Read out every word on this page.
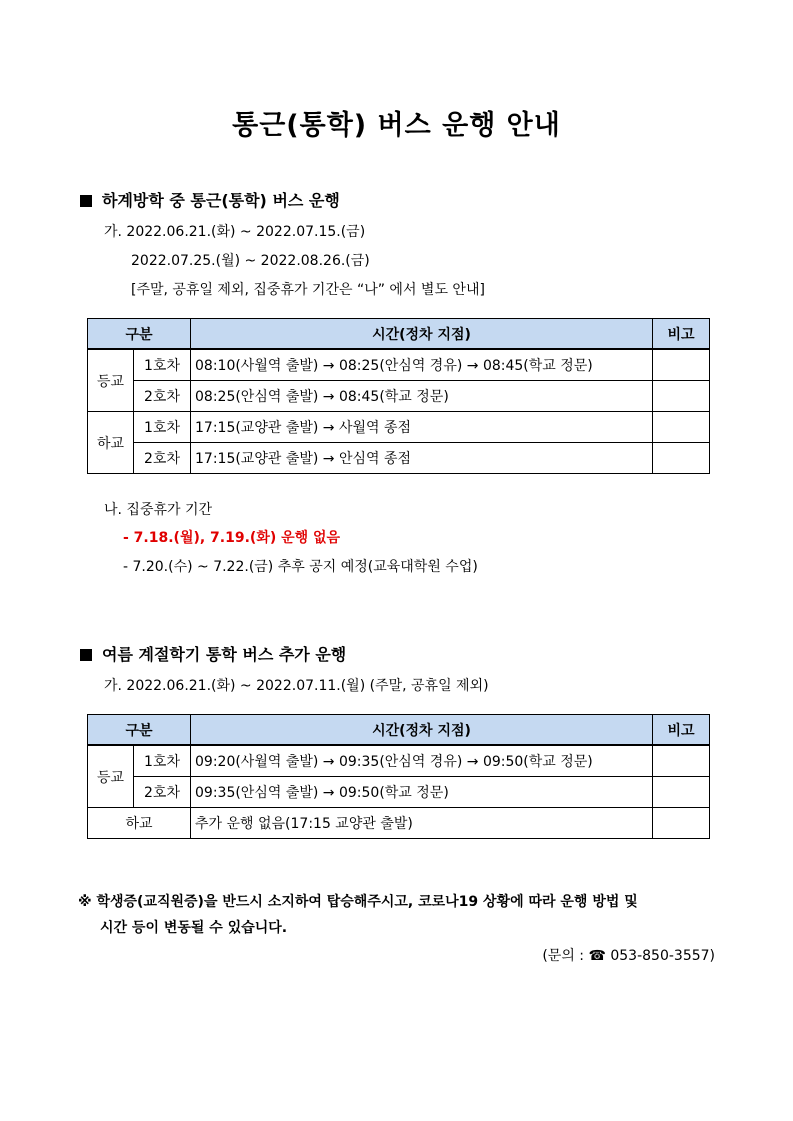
통근(통학) 버스 운행 안내
하계방학 중 통근(통학) 버스 운행
가. 2022.06.21.(화) ~ 2022.07.15.(금)
2022.07.25.(월) ~ 2022.08.26.(금)
[주말, 공휴일 제외, 집중휴가 기간은 “나” 에서 별도 안내]
구분		시간(정차 지점)	비고
등교	1호차	08:10(사월역 출발) → 08:25(안심역 경유) → 08:45(학교 정문)	
	2호차	08:25(안심역 출발) → 08:45(학교 정문)	
하교	1호차	17:15(교양관 출발) → 사월역 종점	
	2호차	17:15(교양관 출발) → 안심역 종점	
나. 집중휴가 기간
- 7.18.(월), 7.19.(화) 운행 없음
- 7.20.(수) ~ 7.22.(금) 추후 공지 예정(교육대학원 수업)
여름 계절학기 통학 버스 추가 운행
가. 2022.06.21.(화) ~ 2022.07.11.(월) (주말, 공휴일 제외)
구분		시간(정차 지점)	비고
등교	1호차	09:20(사월역 출발) → 09:35(안심역 경유) → 09:50(학교 정문)	
	2호차	09:35(안심역 출발) → 09:50(학교 정문)	
하교		추가 운행 없음(17:15 교양관 출발)	
※ 학생증(교직원증)을 반드시 소지하여 탑승해주시고, 코로나19 상황에 따라 운행 방법 및
시간 등이 변동될 수 있습니다.
(문의 : ☎ 053-850-3557)
